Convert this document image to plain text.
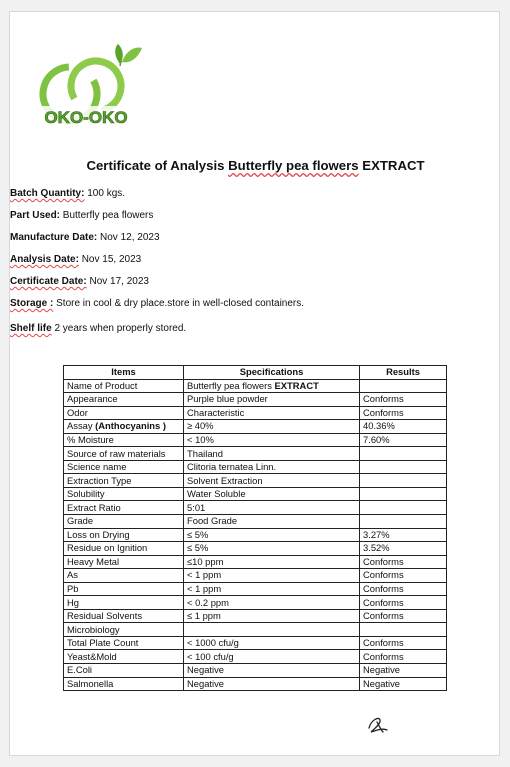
OKO-OKO
Certificate of Analysis Butterfly pea flowers EXTRACT
Batch Quantity: 100 kgs.
Part Used: Butterfly pea flowers
Manufacture Date: Nov 12, 2023
Analysis Date: Nov 15, 2023
Certificate Date: Nov 17, 2023
Storage : Store in cool & dry place.store in well-closed containers.
Shelf life 2 years when properly stored.
Items	Specifications	Results
Name of Product	Butterfly pea flowers EXTRACT	
Appearance	Purple blue powder	Conforms
Odor	Characteristic	Conforms
Assay (Anthocyanins )	≥ 40%	40.36%
% Moisture	< 10%	7.60%
Source of raw materials	Thailand	
Science name	Clitoria ternatea Linn.	
Extraction Type	Solvent Extraction	
Solubility	Water Soluble	
Extract Ratio	5:01	
Grade	Food Grade	
Loss on Drying	≤ 5%	3.27%
Residue on Ignition	≤ 5%	3.52%
Heavy Metal	≤10 ppm	Conforms
As	< 1 ppm	Conforms
Pb	< 1 ppm	Conforms
Hg	< 0.2 ppm	Conforms
Residual Solvents	≤ 1 ppm	Conforms
Microbiology		
Total Plate Count	< 1000 cfu/g	Conforms
Yeast&Mold	< 100 cfu/g	Conforms
E.Coli	Negative	Negative
Salmonella	Negative	Negative
